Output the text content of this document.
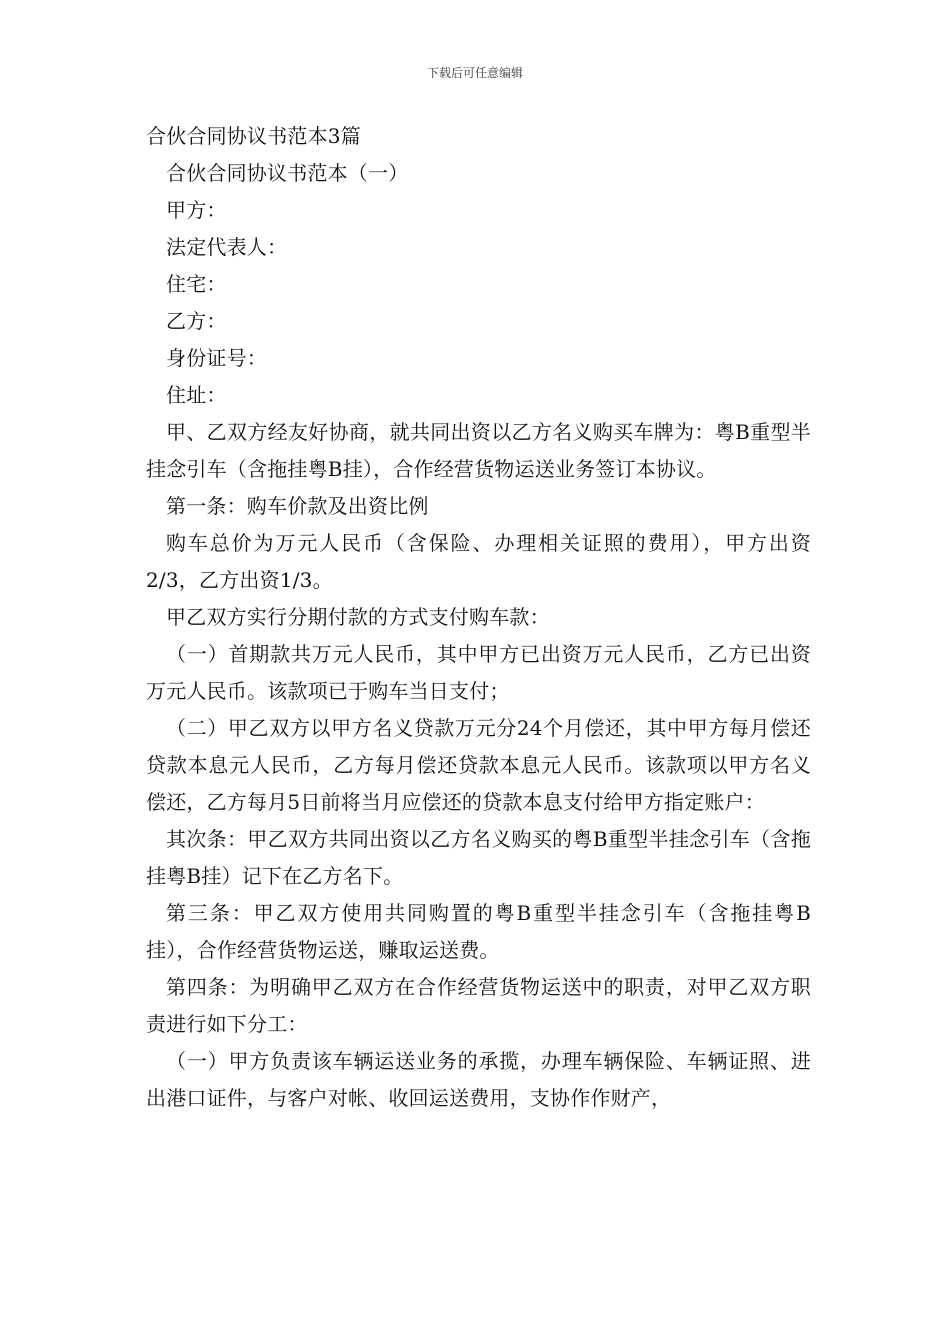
下载后可任意编辑

合伙合同协议书范本3篇

合伙合同协议书范本（一）

甲方：

法定代表人：

住宅：

乙方：

身份证号：

住址：

甲、乙双方经友好协商，就共同出资以乙方名义购买车牌为：粤B重型半挂念引车（含拖挂粤B挂），合作经营货物运送业务签订本协议。

第一条：购车价款及出资比例

购车总价为万元人民币（含保险、办理相关证照的费用），甲方出资2/3，乙方出资1/3。

甲乙双方实行分期付款的方式支付购车款：

（一）首期款共万元人民币，其中甲方已出资万元人民币，乙方已出资万元人民币。该款项已于购车当日支付；

（二）甲乙双方以甲方名义贷款万元分24个月偿还，其中甲方每月偿还贷款本息元人民币，乙方每月偿还贷款本息元人民币。该款项以甲方名义偿还，乙方每月5日前将当月应偿还的贷款本息支付给甲方指定账户：

其次条：甲乙双方共同出资以乙方名义购买的粤B重型半挂念引车（含拖挂粤B挂）记下在乙方名下。

第三条：甲乙双方使用共同购置的粤B重型半挂念引车（含拖挂粤B挂），合作经营货物运送，赚取运送费。

第四条：为明确甲乙双方在合作经营货物运送中的职责，对甲乙双方职责进行如下分工：

（一）甲方负责该车辆运送业务的承揽，办理车辆保险、车辆证照、进出港口证件，与客户对帐、收回运送费用，支协作作财产，
